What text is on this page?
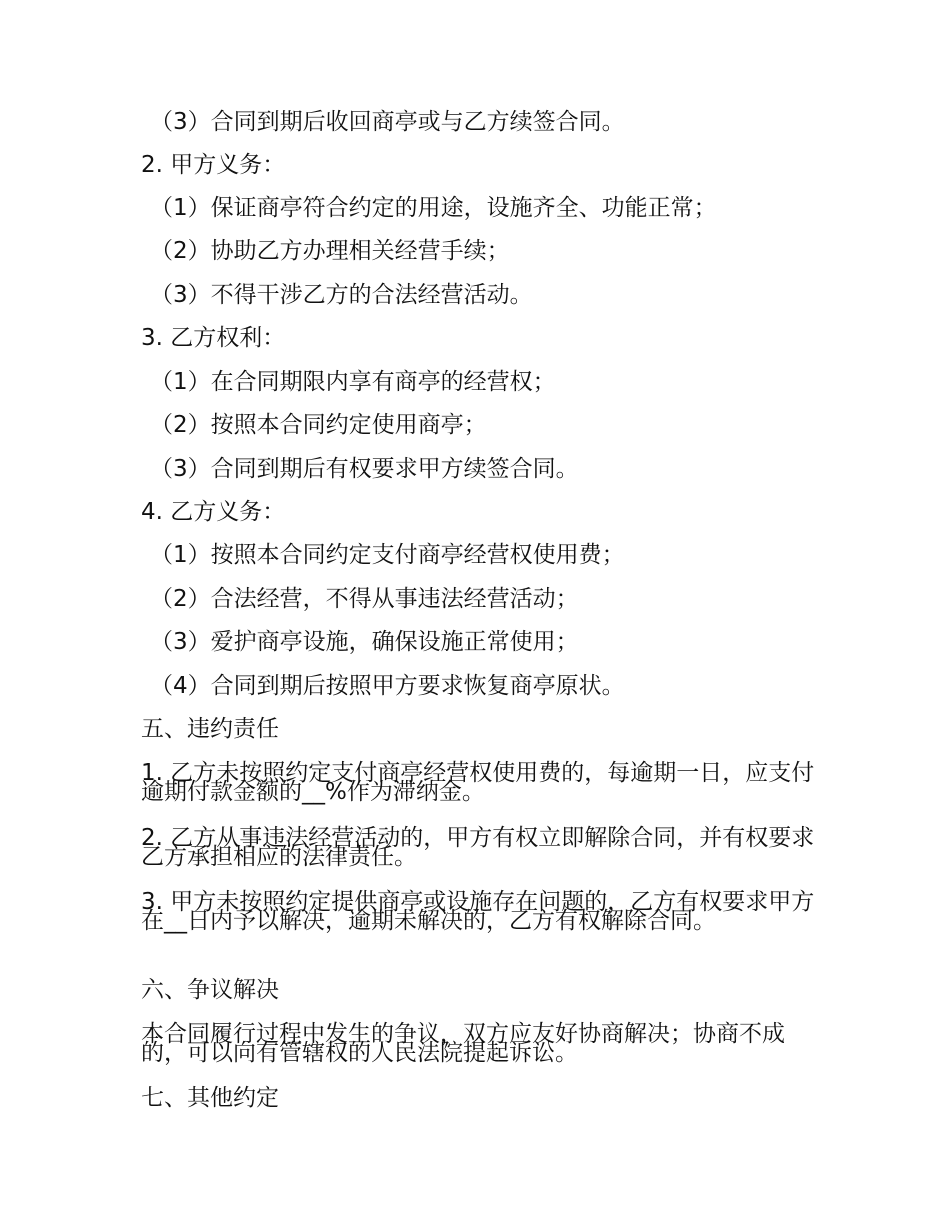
（3）合同到期后收回商亭或与乙方续签合同。
2. 甲方义务：
（1）保证商亭符合约定的用途，设施齐全、功能正常；
（2）协助乙方办理相关经营手续；
（3）不得干涉乙方的合法经营活动。
3. 乙方权利：
（1）在合同期限内享有商亭的经营权；
（2）按照本合同约定使用商亭；
（3）合同到期后有权要求甲方续签合同。
4. 乙方义务：
（1）按照本合同约定支付商亭经营权使用费；
（2）合法经营，不得从事违法经营活动；
（3）爱护商亭设施，确保设施正常使用；
（4）合同到期后按照甲方要求恢复商亭原状。
五、违约责任
1. 乙方未按照约定支付商亭经营权使用费的，每逾期一日，应支付逾期付款金额的__%作为滞纳金。
2. 乙方从事违法经营活动的，甲方有权立即解除合同，并有权要求乙方承担相应的法律责任。
3. 甲方未按照约定提供商亭或设施存在问题的，乙方有权要求甲方在__日内予以解决，逾期未解决的，乙方有权解除合同。
六、争议解决
本合同履行过程中发生的争议，双方应友好协商解决；协商不成的，可以向有管辖权的人民法院提起诉讼。
七、其他约定
